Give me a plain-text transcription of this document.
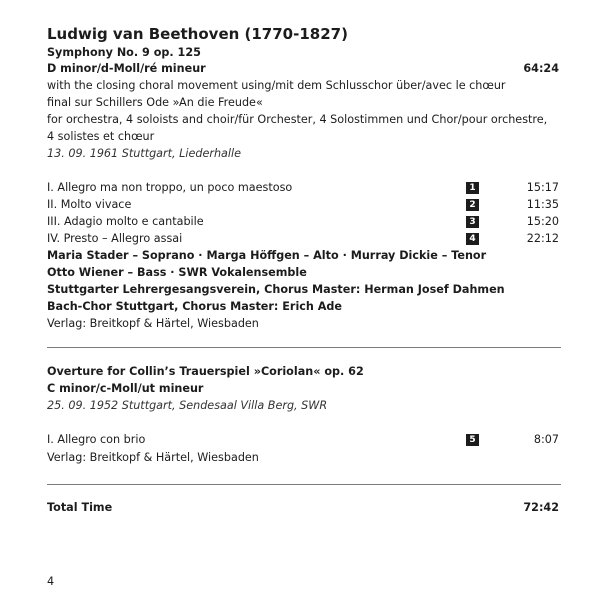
Ludwig van Beethoven (1770-1827)
Symphony No. 9 op. 125
D minor/d-Moll/ré mineur	64:24
with the closing choral movement using/mit dem Schlusschor über/avec le chœur
final sur Schillers Ode »An die Freude«
for orchestra, 4 soloists and choir/für Orchester, 4 Solostimmen und Chor/pour orchestre,
4 solistes et chœur
13. 09. 1961 Stuttgart, Liederhalle
I. Allegro ma non troppo, un poco maestoso	1	15:17
II. Molto vivace	2	11:35
III. Adagio molto e cantabile	3	15:20
IV. Presto – Allegro assai	4	22:12
Maria Stader – Soprano · Marga Höffgen – Alto · Murray Dickie – Tenor
Otto Wiener – Bass · SWR Vokalensemble
Stuttgarter Lehrergesangsverein, Chorus Master: Herman Josef Dahmen
Bach-Chor Stuttgart, Chorus Master: Erich Ade
Verlag: Breitkopf & Härtel, Wiesbaden
Overture for Collin’s Trauerspiel »Coriolan« op. 62
C minor/c-Moll/ut mineur
25. 09. 1952 Stuttgart, Sendesaal Villa Berg, SWR
I. Allegro con brio	5	8:07
Verlag: Breitkopf & Härtel, Wiesbaden
Total Time	72:42
4
